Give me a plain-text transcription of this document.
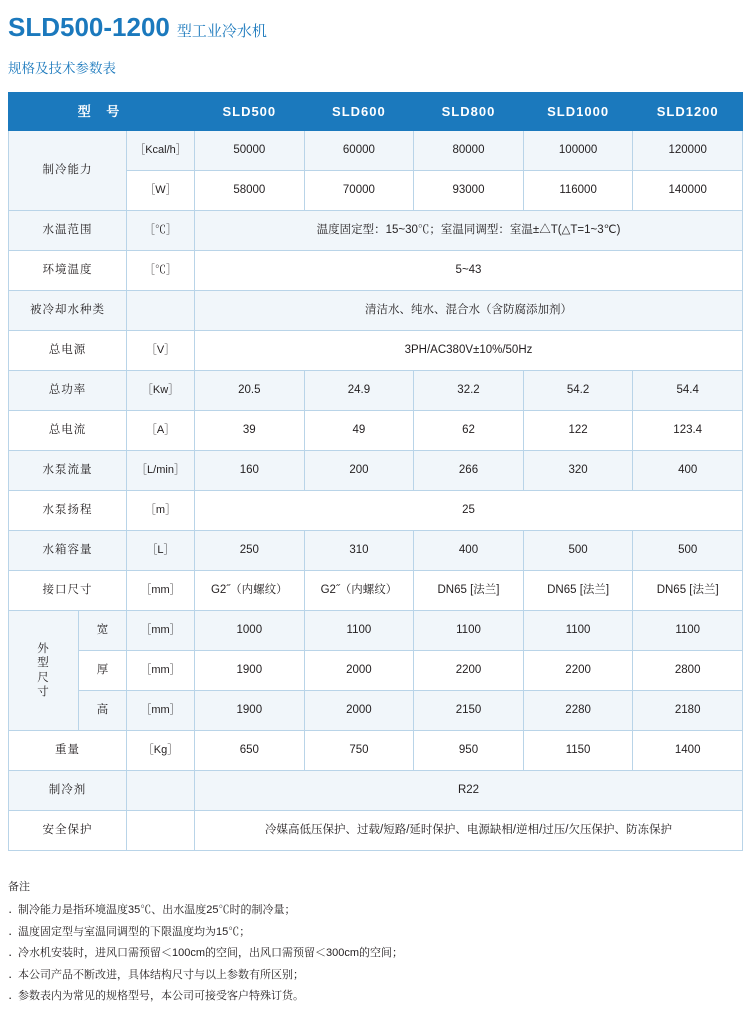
SLD500-1200 型工业冷水机
规格及技术参数表
型 号			SLD500	SLD600	SLD800	SLD1000	SLD1200
制冷能力		［Kcal/h］	50000	60000	80000	100000	120000
		［W］	58000	70000	93000	116000	140000
水温范围		［℃］	温度固定型：15~30℃；室温同调型：室温±△T(△T=1~3℃)				
环境温度		［℃］	5~43				
被冷却水种类			清洁水、纯水、混合水（含防腐添加剂）				
总电源		［V］	3PH/AC380V±10%/50Hz				
总功率		［Kw］	20.5	24.9	32.2	54.2	54.4
总电流		［A］	39	49	62	122	123.4
水泵流量		［L/min］	160	200	266	320	400
水泵扬程		［m］	25				
水箱容量		［L］	250	310	400	500	500
接口尺寸		［mm］	G2˝（内螺纹）	G2˝（内螺纹）	DN65 [法兰]	DN65 [法兰]	DN65 [法兰]

外
型
尺
寸	宽	［mm］	1000	1100	1100	1100	1100
	厚	［mm］	1900	2000	2200	2200	2800
	高	［mm］	1900	2000	2150	2280	2180
重量		［Kg］	650	750	950	1150	1400
制冷剂			R22				
安全保护			冷媒高低压保护、过载/短路/延时保护、电源缺相/逆相/过压/欠压保护、防冻保护				
备注
· 制冷能力是指环境温度35℃、出水温度25℃时的制冷量；
· 温度固定型与室温同调型的下限温度均为15℃；
· 冷水机安装时，进风口需预留＜100cm的空间，出风口需预留＜300cm的空间；
· 本公司产品不断改进，具体结构尺寸与以上参数有所区别；
· 参数表内为常见的规格型号，本公司可接受客户特殊订货。
